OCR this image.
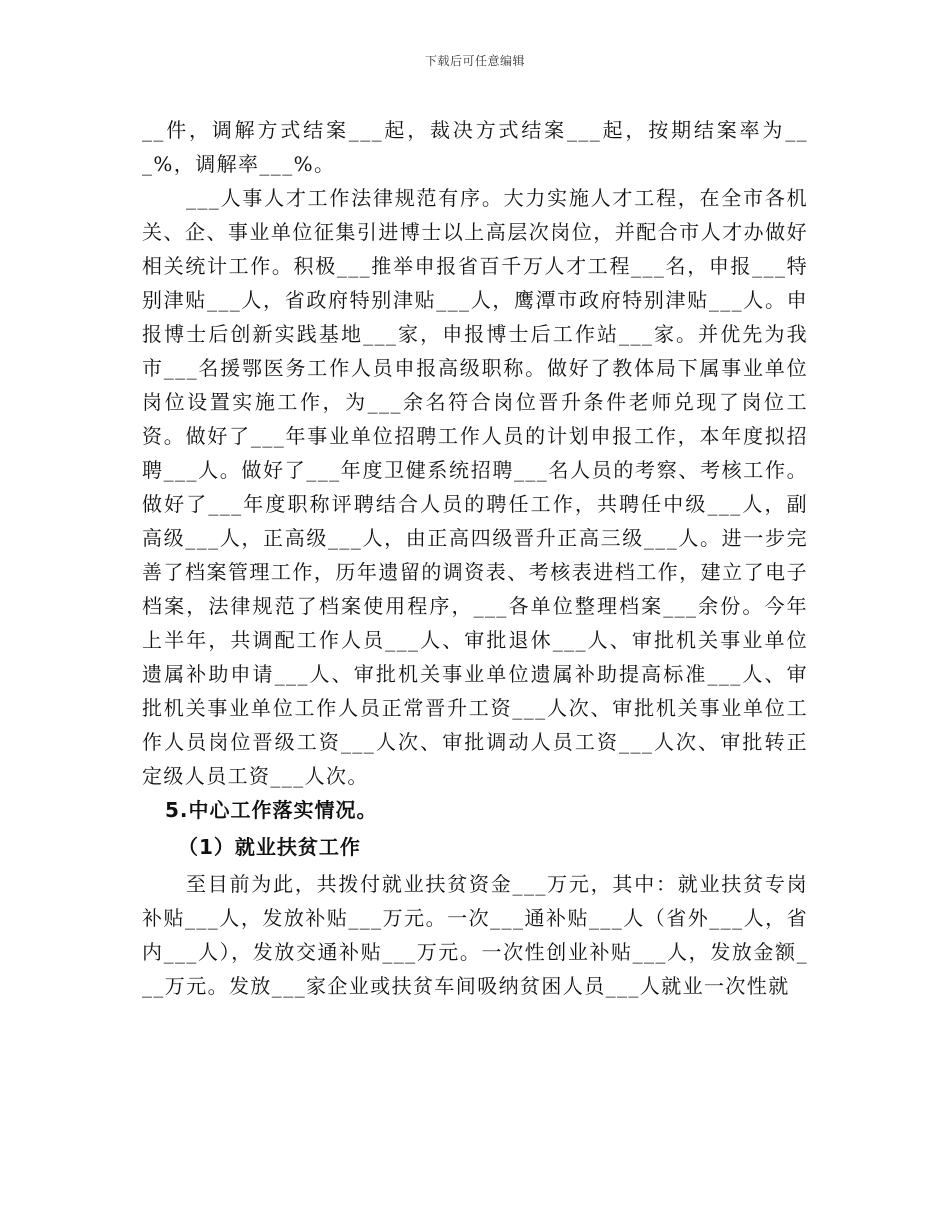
下载后可任意编辑

__件，调解方式结案___起，裁决方式结案___起，按期结案率为___%，调解率___%。

___人事人才工作法律规范有序。大力实施人才工程，在全市各机关、企、事业单位征集引进博士以上高层次岗位，并配合市人才办做好相关统计工作。积极___推举申报省百千万人才工程___名，申报___特别津贴___人，省政府特别津贴___人，鹰潭市政府特别津贴___人。申报博士后创新实践基地___家，申报博士后工作站___家。并优先为我市___名援鄂医务工作人员申报高级职称。做好了教体局下属事业单位岗位设置实施工作，为___余名符合岗位晋升条件老师兑现了岗位工资。做好了___年事业单位招聘工作人员的计划申报工作，本年度拟招聘___人。做好了___年度卫健系统招聘___名人员的考察、考核工作。做好了___年度职称评聘结合人员的聘任工作，共聘任中级___人，副高级___人，正高级___人，由正高四级晋升正高三级___人。进一步完善了档案管理工作，历年遗留的调资表、考核表进档工作，建立了电子档案，法律规范了档案使用程序，___各单位整理档案___余份。今年上半年，共调配工作人员___人、审批退休___人、审批机关事业单位遗属补助申请___人、审批机关事业单位遗属补助提高标准___人、审批机关事业单位工作人员正常晋升工资___人次、审批机关事业单位工作人员岗位晋级工资___人次、审批调动人员工资___人次、审批转正定级人员工资___人次。

5.中心工作落实情况。

（1）就业扶贫工作

至目前为此，共拨付就业扶贫资金___万元，其中：就业扶贫专岗补贴___人，发放补贴___万元。一次___通补贴___人（省外___人，省内___人），发放交通补贴___万元。一次性创业补贴___人，发放金额___万元。发放___家企业或扶贫车间吸纳贫困人员___人就业一次性就
